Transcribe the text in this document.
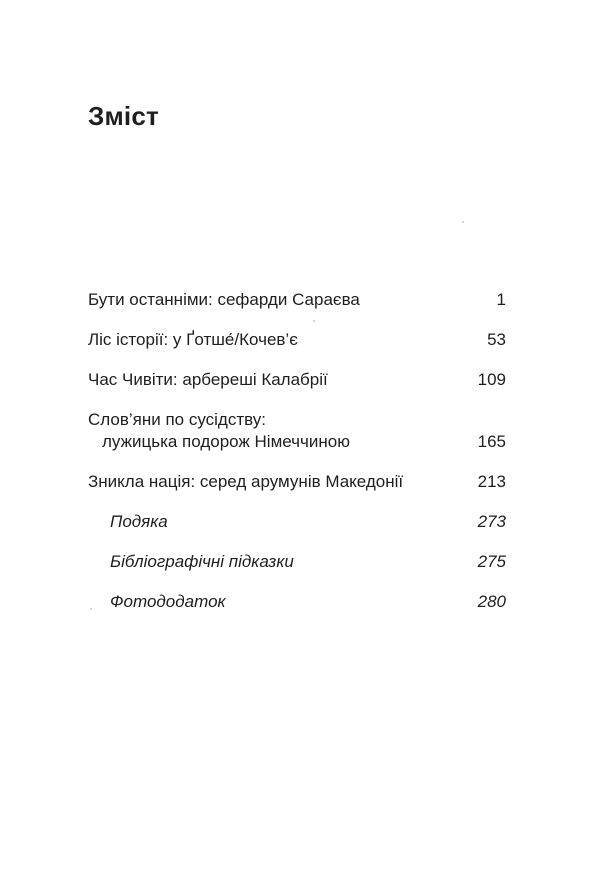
Зміст
Бути останніми: сефарди Сараєва	1
Ліс історії: у Ґотше́/Кочев’є	53
Час Чивіти: арбереші Калабрії	109
Слов’яни по сусідству:
лужицька подорож Німеччиною	165
Зникла нація: серед арумунів Македонії	213
Подяка	273
Бібліографічні підказки	275
Фотододаток	280
